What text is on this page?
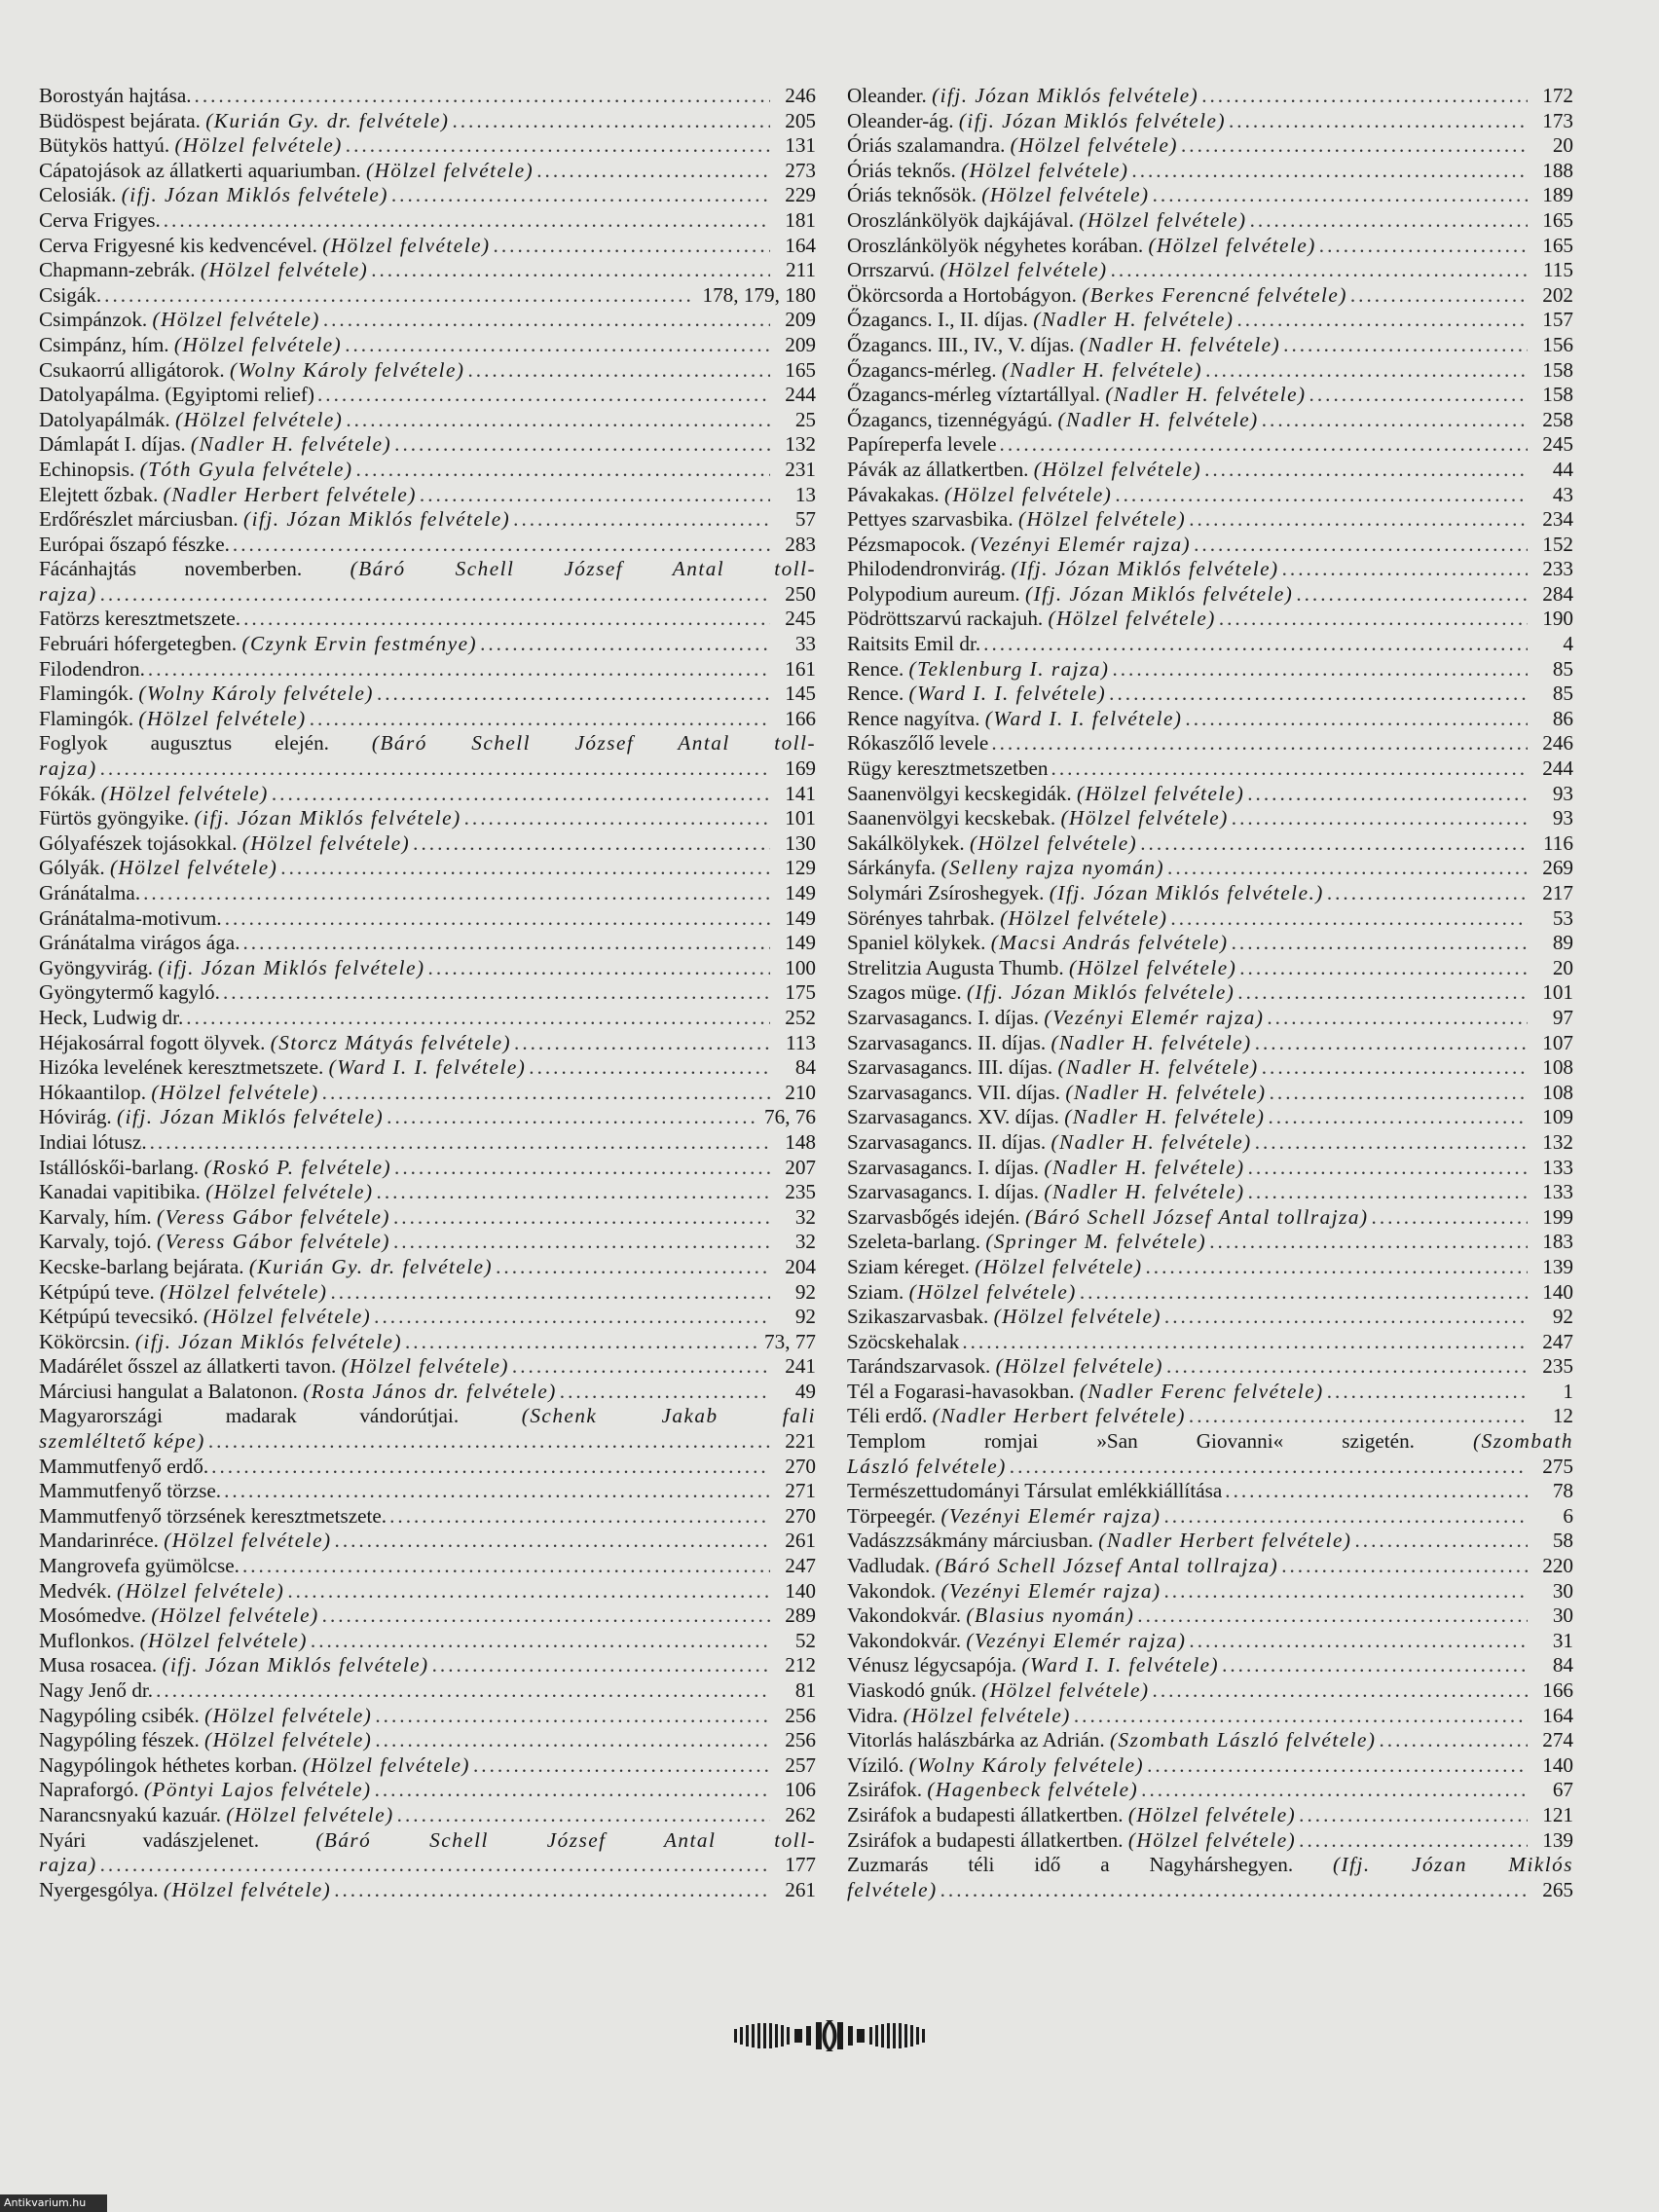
Borostyán hajtása. .....	246
Büdöspest bejárata. (Kurián Gy. dr. felvétele) .....	205
Bütykös hattyú. (Hölzel felvétele) .....	131
Cápatojások az állatkerti aquariumban. (Hölzel felvétele) .....	273
Celosiák. (ifj. Józan Miklós felvétele) .....	229
Cerva Frigyes. .....	181
Cerva Frigyesné kis kedvencével. (Hölzel felvétele) .....	164
Chapmann-zebrák. (Hölzel felvétele) .....	211
Csigák. .....	178, 179, 180
Csimpánzok. (Hölzel felvétele) .....	209
Csimpánz, hím. (Hölzel felvétele) .....	209
Csukaorrú alligátorok. (Wolny Károly felvétele) .....	165
Datolyapálma. (Egyiptomi relief) .....	244
Datolyapálmák. (Hölzel felvétele) .....	25
Dámlapát I. díjas. (Nadler H. felvétele) .....	132
Echinopsis. (Tóth Gyula felvétele) .....	231
Elejtett őzbak. (Nadler Herbert felvétele) .....	13
Erdőrészlet márciusban. (ifj. Józan Miklós felvétele) .....	57
Európai őszapó fészke. .....	283
Fácánhajtás novemberben. (Báró Schell József Antal toll-
rajza) .....	250
Fatörzs keresztmetszete. .....	245
Februári hófergetegben. (Czynk Ervin festménye) .....	33
Filodendron. .....	161
Flamingók. (Wolny Károly felvétele) .....	145
Flamingók. (Hölzel felvétele) .....	166
Foglyok augusztus elején. (Báró Schell József Antal toll-
rajza) .....	169
Fókák. (Hölzel felvétele) .....	141
Fürtös gyöngyike. (ifj. Józan Miklós felvétele) .....	101
Gólyafészek tojásokkal. (Hölzel felvétele) .....	130
Gólyák. (Hölzel felvétele) .....	129
Gránátalma. .....	149
Gránátalma-motivum. .....	149
Gránátalma virágos ága. .....	149
Gyöngyvirág. (ifj. Józan Miklós felvétele) .....	100
Gyöngytermő kagyló. .....	175
Heck, Ludwig dr. .....	252
Héjakosárral fogott ölyvek. (Storcz Mátyás felvétele) .....	113
Hizóka levelének keresztmetszete. (Ward I. I. felvétele) .....	84
Hókaantilop. (Hölzel felvétele) .....	210
Hóvirág. (ifj. Józan Miklós felvétele) .....	76, 76
Indiai lótusz. .....	148
Istállóskői-barlang. (Roskó P. felvétele) .....	207
Kanadai vapitibika. (Hölzel felvétele) .....	235
Karvaly, hím. (Veress Gábor felvétele) .....	32
Karvaly, tojó. (Veress Gábor felvétele) .....	32
Kecske-barlang bejárata. (Kurián Gy. dr. felvétele) .....	204
Kétpúpú teve. (Hölzel felvétele) .....	92
Kétpúpú tevecsikó. (Hölzel felvétele) .....	92
Kökörcsin. (ifj. Józan Miklós felvétele) .....	73, 77
Madárélet ősszel az állatkerti tavon. (Hölzel felvétele) .....	241
Márciusi hangulat a Balatonon. (Rosta János dr. felvétele) .....	49
Magyarországi madarak vándorútjai.	(Schenk Jakab fali
szemléltető képe) .....	221
Mammutfenyő erdő. .....	270
Mammutfenyő törzse. .....	271
Mammutfenyő törzsének keresztmetszete. .....	270
Mandarinréce. (Hölzel felvétele) .....	261
Mangrovefa gyümölcse. .....	247
Medvék. (Hölzel felvétele) .....	140
Mosómedve. (Hölzel felvétele) .....	289
Muflonkos. (Hölzel felvétele) .....	52
Musa rosacea. (ifj. Józan Miklós felvétele) .....	212
Nagy Jenő dr. .....	81
Nagypóling csibék. (Hölzel felvétele) .....	256
Nagypóling fészek. (Hölzel felvétele) .....	256
Nagypólingok héthetes korban. (Hölzel felvétele) .....	257
Napraforgó. (Pöntyi Lajos felvétele) .....	106
Narancsnyakú kazuár. (Hölzel felvétele) .....	262
Nyári vadászjelenet.	(Báró Schell József Antal toll-
rajza) .....	177
Nyergesgólya. (Hölzel felvétele) .....	261
Oleander. (ifj. Józan Miklós felvétele) .....	172
Oleander-ág. (ifj. Józan Miklós felvétele) .....	173
Óriás szalamandra. (Hölzel felvétele) .....	20
Óriás teknős. (Hölzel felvétele) .....	188
Óriás teknősök. (Hölzel felvétele) .....	189
Oroszlánkölyök dajkájával. (Hölzel felvétele) .....	165
Oroszlánkölyök négyhetes korában. (Hölzel felvétele) .....	165
Orrszarvú. (Hölzel felvétele) .....	115
Ökörcsorda a Hortobágyon. (Berkes Ferencné felvétele) .....	202
Őzagancs. I., II. díjas. (Nadler H. felvétele) .....	157
Őzagancs. III., IV., V. díjas. (Nadler H. felvétele) .....	156
Őzagancs-mérleg. (Nadler H. felvétele) .....	158
Őzagancs-mérleg víztartállyal. (Nadler H. felvétele) .....	158
Őzagancs, tizennégyágú. (Nadler H. felvétele) .....	258
Papíreperfa levele .....	245
Pávák az állatkertben. (Hölzel felvétele) .....	44
Pávakakas. (Hölzel felvétele) .....	43
Pettyes szarvasbika. (Hölzel felvétele) .....	234
Pézsmapocok. (Vezényi Elemér rajza) .....	152
Philodendronvirág. (Ifj. Józan Miklós felvétele) .....	233
Polypodium aureum. (Ifj. Józan Miklós felvétele) .....	284
Pödröttszarvú rackajuh. (Hölzel felvétele) .....	190
Raitsits Emil dr. .....	4
Rence. (Teklenburg I. rajza) .....	85
Rence. (Ward I. I. felvétele) .....	85
Rence nagyítva. (Ward I. I. felvétele) .....	86
Rókaszőlő levele .....	246
Rügy keresztmetszetben .....	244
Saanenvölgyi kecskegidák. (Hölzel felvétele) .....	93
Saanenvölgyi kecskebak. (Hölzel felvétele) .....	93
Sakálkölykek. (Hölzel felvétele) .....	116
Sárkányfa. (Selleny rajza nyomán) .....	269
Solymári Zsíroshegyek. (Ifj. Józan Miklós felvétele.) .....	217
Sörényes tahrbak. (Hölzel felvétele) .....	53
Spaniel kölykek. (Macsi András felvétele) .....	89
Strelitzia Augusta Thumb. (Hölzel felvétele) .....	20
Szagos müge. (Ifj. Józan Miklós felvétele) .....	101
Szarvasagancs. I. díjas. (Vezényi Elemér rajza) .....	97
Szarvasagancs. II. díjas. (Nadler H. felvétele) .....	107
Szarvasagancs. III. díjas. (Nadler H. felvétele) .....	108
Szarvasagancs. VII. díjas. (Nadler H. felvétele) .....	108
Szarvasagancs. XV. díjas. (Nadler H. felvétele) .....	109
Szarvasagancs. II. díjas. (Nadler H. felvétele) .....	132
Szarvasagancs. I. díjas. (Nadler H. felvétele) .....	133
Szarvasagancs. I. díjas. (Nadler H. felvétele) .....	133
Szarvasbőgés idején. (Báró Schell József Antal tollrajza) .....	199
Szeleta-barlang. (Springer M. felvétele) .....	183
Sziam kéreget. (Hölzel felvétele) .....	139
Sziam. (Hölzel felvétele) .....	140
Szikaszarvasbak. (Hölzel felvétele) .....	92
Szöcskehalak .....	247
Tarándszarvasok. (Hölzel felvétele) .....	235
Tél a Fogarasi-havasokban. (Nadler Ferenc felvétele) .....	1
Téli erdő. (Nadler Herbert felvétele) .....	12
Templom romjai »San Giovanni« szigetén.	(Szombath
László felvétele) .....	275
Természettudományi Társulat emlékkiállítása .....	78
Törpeegér. (Vezényi Elemér rajza) .....	6
Vadászzsákmány márciusban. (Nadler Herbert felvétele) .....	58
Vadludak. (Báró Schell József Antal tollrajza) .....	220
Vakondok. (Vezényi Elemér rajza) .....	30
Vakondokvár. (Blasius nyomán) .....	30
Vakondokvár. (Vezényi Elemér rajza) .....	31
Vénusz légycsapója. (Ward I. I. felvétele) .....	84
Viaskodó gnúk. (Hölzel felvétele) .....	166
Vidra. (Hölzel felvétele) .....	164
Vitorlás halászbárka az Adrián. (Szombath László felvétele) .....	274
Víziló. (Wolny Károly felvétele) .....	140
Zsiráfok. (Hagenbeck felvétele) .....	67
Zsiráfok a budapesti állatkertben. (Hölzel felvétele) .....	121
Zsiráfok a budapesti állatkertben. (Hölzel felvétele) .....	139
Zuzmarás téli idő a Nagyhárshegyen. (Ifj. Józan Miklós
felvétele) .....	265
Antikvarium.hu
